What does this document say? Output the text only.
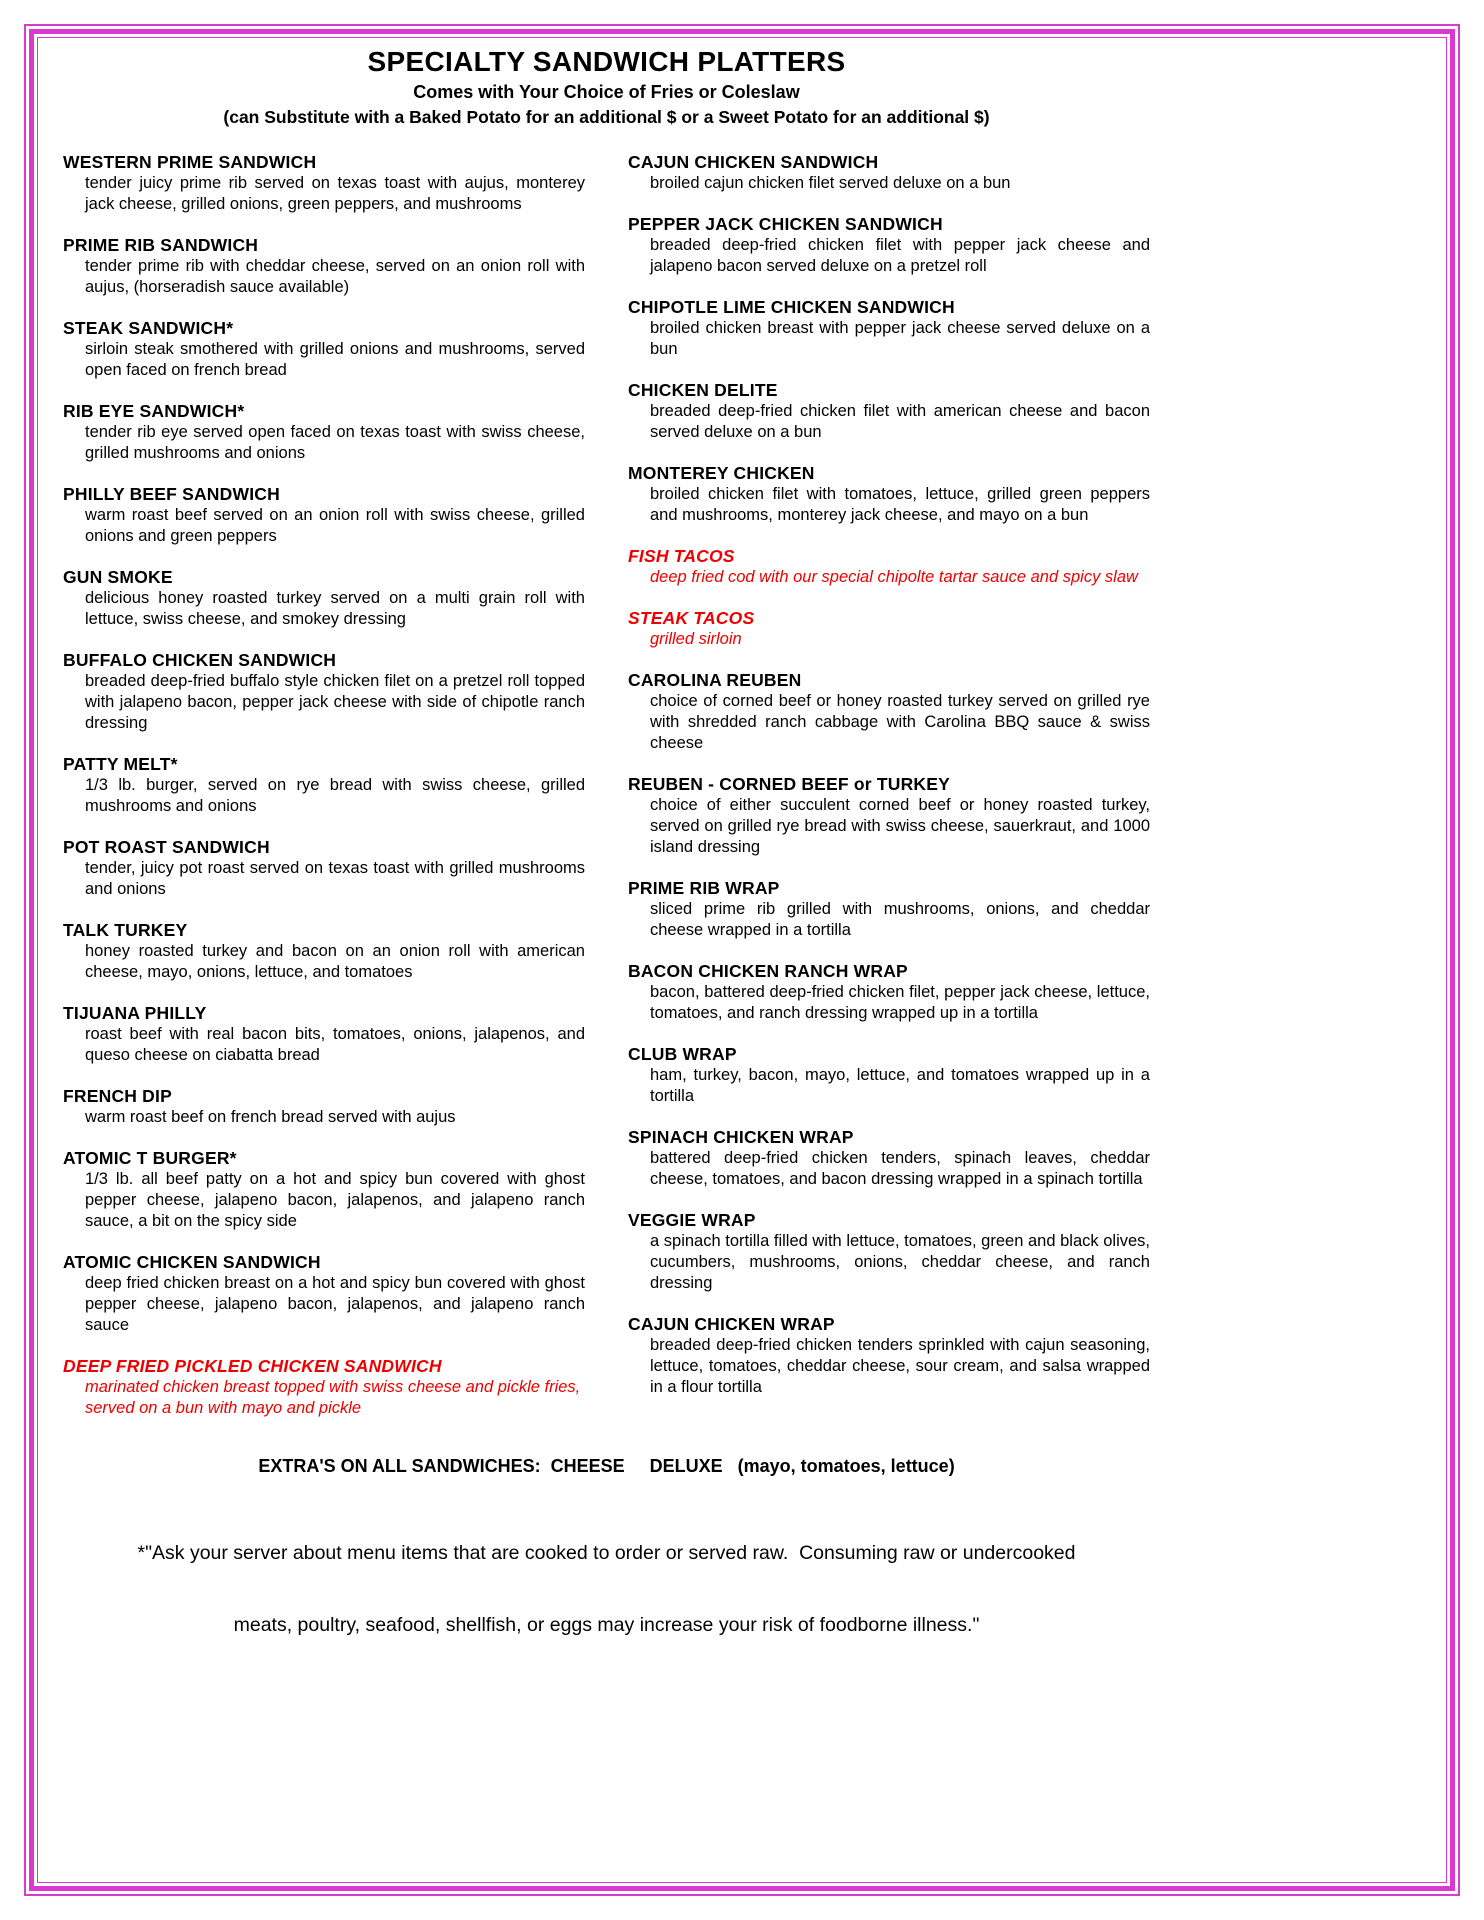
SPECIALTY SANDWICH PLATTERS
Comes with Your Choice of Fries or Coleslaw
(can Substitute with a Baked Potato for an additional $ or a Sweet Potato for an additional $)
WESTERN PRIME SANDWICH
tender juicy prime rib served on texas toast with aujus, monterey jack cheese, grilled onions, green peppers, and mushrooms
PRIME RIB SANDWICH
tender prime rib with cheddar cheese, served on an onion roll with aujus, (horseradish sauce available)
STEAK SANDWICH*
sirloin steak smothered with grilled onions and mushrooms, served open faced on french bread
RIB EYE SANDWICH*
tender rib eye served open faced on texas toast with swiss cheese, grilled mushrooms and onions
PHILLY BEEF SANDWICH
warm roast beef served on an onion roll with swiss cheese, grilled onions and green peppers
GUN SMOKE
delicious honey roasted turkey served on a multi grain roll with lettuce, swiss cheese, and smokey dressing
BUFFALO CHICKEN SANDWICH
breaded deep-fried buffalo style chicken filet on a pretzel roll topped with jalapeno bacon, pepper jack cheese with side of chipotle ranch dressing
PATTY MELT*
1/3 lb. burger, served on rye bread with swiss cheese, grilled mushrooms and onions
POT ROAST SANDWICH
tender, juicy pot roast served on texas toast with grilled mushrooms and onions
TALK TURKEY
honey roasted turkey and bacon on an onion roll with american cheese, mayo, onions, lettuce, and tomatoes
TIJUANA PHILLY
roast beef with real bacon bits, tomatoes, onions, jalapenos, and queso cheese on ciabatta bread
FRENCH DIP
warm roast beef on french bread served with aujus
ATOMIC T BURGER*
1/3 lb. all beef patty on a hot and spicy bun covered with ghost pepper cheese, jalapeno bacon, jalapenos, and jalapeno ranch sauce, a bit on the spicy side
ATOMIC CHICKEN SANDWICH
deep fried chicken breast on a hot and spicy bun covered with ghost pepper cheese, jalapeno bacon, jalapenos, and jalapeno ranch sauce
DEEP FRIED PICKLED CHICKEN SANDWICH
marinated chicken breast topped with swiss cheese and pickle fries, served on a bun with mayo and pickle
CAJUN CHICKEN SANDWICH
broiled cajun chicken filet served deluxe on a bun
PEPPER JACK CHICKEN SANDWICH
breaded deep-fried chicken filet with pepper jack cheese and jalapeno bacon served deluxe on a pretzel roll
CHIPOTLE LIME CHICKEN SANDWICH
broiled chicken breast with pepper jack cheese served deluxe on a bun
CHICKEN DELITE
breaded deep-fried chicken filet with american cheese and bacon served deluxe on a bun
MONTEREY CHICKEN
broiled chicken filet with tomatoes, lettuce, grilled green peppers and mushrooms, monterey jack cheese, and mayo on a bun
FISH TACOS
deep fried cod with our special chipolte tartar sauce and spicy slaw
STEAK TACOS
grilled sirloin
CAROLINA REUBEN
choice of corned beef or honey roasted turkey served on grilled rye with shredded ranch cabbage with Carolina BBQ sauce & swiss cheese
REUBEN - CORNED BEEF or TURKEY
choice of either succulent corned beef or honey roasted turkey, served on grilled rye bread with swiss cheese, sauerkraut, and 1000 island dressing
PRIME RIB WRAP
sliced prime rib grilled with mushrooms, onions, and cheddar cheese wrapped in a tortilla
BACON CHICKEN RANCH WRAP
bacon, battered deep-fried chicken filet, pepper jack cheese, lettuce, tomatoes, and ranch dressing wrapped up in a tortilla
CLUB WRAP
ham, turkey, bacon, mayo, lettuce, and tomatoes wrapped up in a tortilla
SPINACH CHICKEN WRAP
battered deep-fried chicken tenders, spinach leaves, cheddar cheese, tomatoes, and bacon dressing wrapped in a spinach tortilla
VEGGIE WRAP
a spinach tortilla filled with lettuce, tomatoes, green and black olives, cucumbers, mushrooms, onions, cheddar cheese, and ranch dressing
CAJUN CHICKEN WRAP
breaded deep-fried chicken tenders sprinkled with cajun seasoning, lettuce, tomatoes, cheddar cheese, sour cream, and salsa wrapped in a flour tortilla
EXTRA'S ON ALL SANDWICHES:  CHEESE     DELUXE   (mayo, tomatoes, lettuce)

*"Ask your server about menu items that are cooked to order or served raw.  Consuming raw or undercooked

meats, poultry, seafood, shellfish, or eggs may increase your risk of foodborne illness."
